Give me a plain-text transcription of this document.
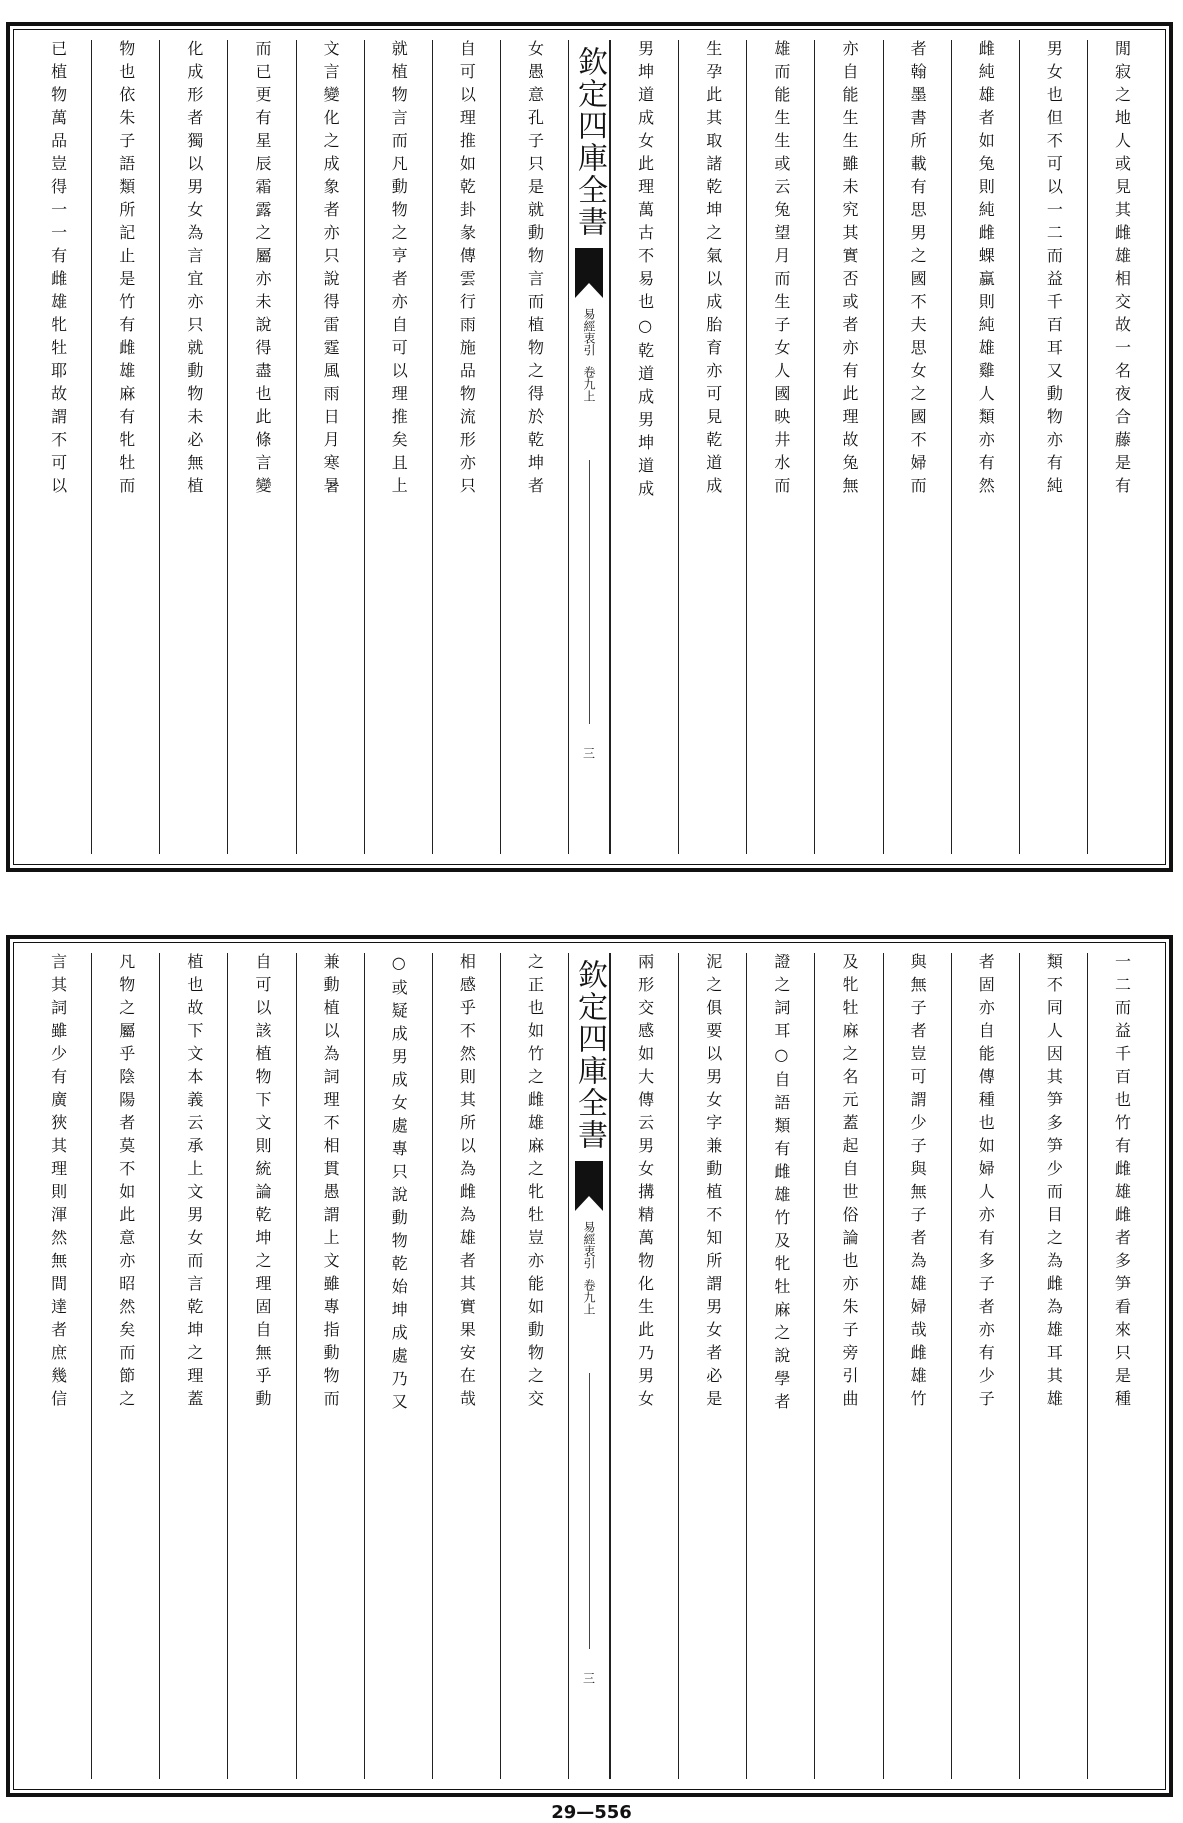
閒寂之地人或見其雌雄相交故一名夜合藤是有
男女也但不可以一二而益千百耳又動物亦有純
雌純雄者如兔則純雌蜾蠃則純雄雞人類亦有然
者翰墨書所載有思男之國不夫思女之國不婦而
亦自能生生雖未究其實否或者亦有此理故兔無
雄而能生生或云兔望月而生子女人國映井水而
生孕此其取諸乾坤之氣以成胎育亦可見乾道成
男坤道成女此理萬古不易也○乾道成男坤道成
欽定四庫全書
易經衷引
卷九上
三
女愚意孔子只是就動物言而植物之得於乾坤者
自可以理推如乾卦彖傳雲行雨施品物流形亦只
就植物言而凡動物之亨者亦自可以理推矣且上
文言變化之成象者亦只說得雷霆風雨日月寒暑
而已更有星辰霜露之屬亦未說得盡也此條言變
化成形者獨以男女為言宜亦只就動物未必無植
物也依朱子語類所記止是竹有雌雄麻有牝牡而
已植物萬品豈得一一有雌雄牝牡耶故謂不可以
一二而益千百也竹有雌雄雌者多笋看來只是種
類不同人因其笋多笋少而目之為雌為雄耳其雄
者固亦自能傳種也如婦人亦有多子者亦有少子
與無子者豈可謂少子與無子者為雄婦哉雌雄竹
及牝牡麻之名元蓋起自世俗論也亦朱子旁引曲
證之詞耳○自語類有雌雄竹及牝牡麻之說學者
泥之俱要以男女字兼動植不知所謂男女者必是
兩形交感如大傳云男女搆精萬物化生此乃男女
欽定四庫全書
易經衷引
卷九上
三
之正也如竹之雌雄麻之牝牡豈亦能如動物之交
相感乎不然則其所以為雌為雄者其實果安在哉
○或疑成男成女處專只說動物乾始坤成處乃又
兼動植以為詞理不相貫愚謂上文雖專指動物而
自可以該植物下文則統論乾坤之理固自無乎動
植也故下文本義云承上文男女而言乾坤之理蓋
凡物之屬乎陰陽者莫不如此意亦昭然矣而節之
言其詞雖少有廣狹其理則渾然無間達者庶幾信
29—556
